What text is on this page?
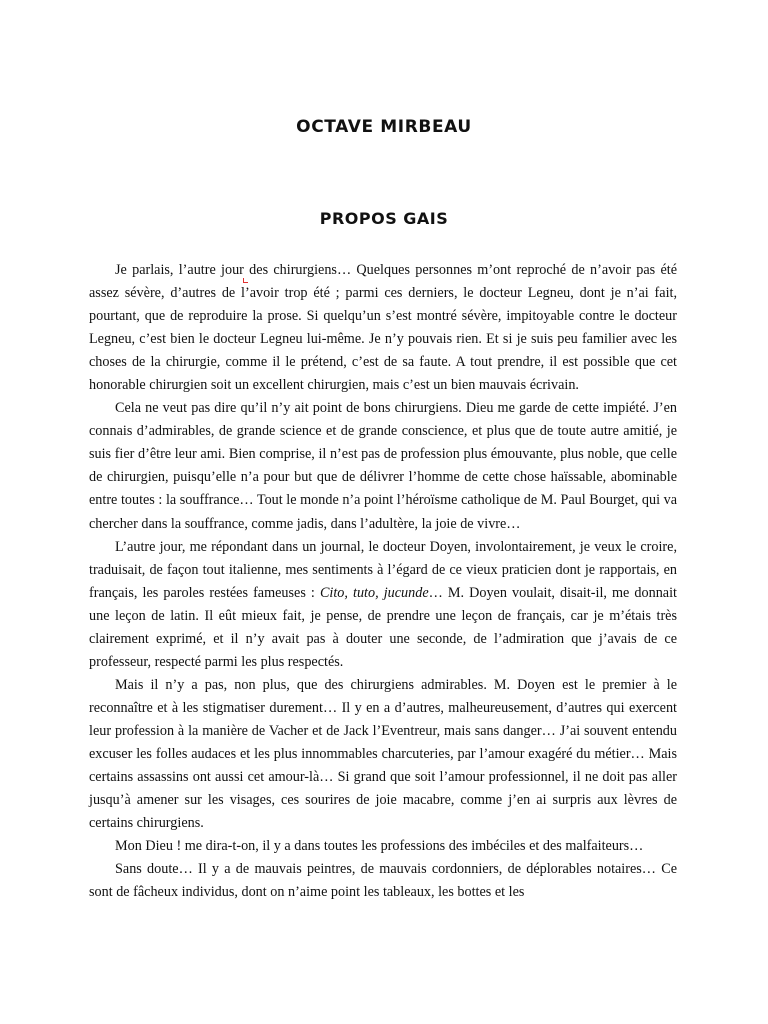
OCTAVE MIRBEAU
PROPOS GAIS

Je parlais, l’autre jour des chirurgiens… Quelques personnes m’ont reproché de n’avoir pas été assez sévère, d’autres de l’avoir trop été ; parmi ces derniers, le docteur Legneu, dont je n’ai fait, pourtant, que de reproduire la prose. Si quelqu’un s’est montré sévère, impitoyable contre le docteur Legneu, c’est bien le docteur Legneu lui-même. Je n’y pouvais rien. Et si je suis peu familier avec les choses de la chirurgie, comme il le prétend, c’est de sa faute. A tout prendre, il est possible que cet honorable chirurgien soit un excellent chirurgien, mais c’est un bien mauvais écrivain.

Cela ne veut pas dire qu’il n’y ait point de bons chirurgiens. Dieu me garde de cette impiété. J’en connais d’admirables, de grande science et de grande conscience, et plus que de toute autre amitié, je suis fier d’être leur ami. Bien comprise, il n’est pas de profession plus émouvante, plus noble, que celle de chirurgien, puisqu’elle n’a pour but que de délivrer l’homme de cette chose haïssable, abominable entre toutes : la souffrance… Tout le monde n’a point l’héroïsme catholique de M. Paul Bourget, qui va chercher dans la souffrance, comme jadis, dans l’adultère, la joie de vivre…

L’autre jour, me répondant dans un journal, le docteur Doyen, involontairement, je veux le croire, traduisait, de façon tout italienne, mes sentiments à l’égard de ce vieux praticien dont je rapportais, en français, les paroles restées fameuses : Cito, tuto, jucunde… M. Doyen voulait, disait-il, me donnait une leçon de latin. Il eût mieux fait, je pense, de prendre une leçon de français, car je m’étais très clairement exprimé, et il n’y avait pas à douter une seconde, de l’admiration que j’avais de ce professeur, respecté parmi les plus respectés.

Mais il n’y a pas, non plus, que des chirurgiens admirables. M. Doyen est le premier à le reconnaître et à les stigmatiser durement… Il y en a d’autres, malheureusement, d’autres qui exercent leur profession à la manière de Vacher et de Jack l’Eventreur, mais sans danger… J’ai souvent entendu excuser les folles audaces et les plus innommables charcuteries, par l’amour exagéré du métier… Mais certains assassins ont aussi cet amour-là… Si grand que soit l’amour professionnel, il ne doit pas aller jusqu’à amener sur les visages, ces sourires de joie macabre, comme j’en ai surpris aux lèvres de certains chirurgiens.

Mon Dieu ! me dira-t-on, il y a dans toutes les professions des imbéciles et des malfaiteurs…

Sans doute… Il y a de mauvais peintres, de mauvais cordonniers, de déplorables notaires… Ce sont de fâcheux individus, dont on n’aime point les tableaux, les bottes et les
